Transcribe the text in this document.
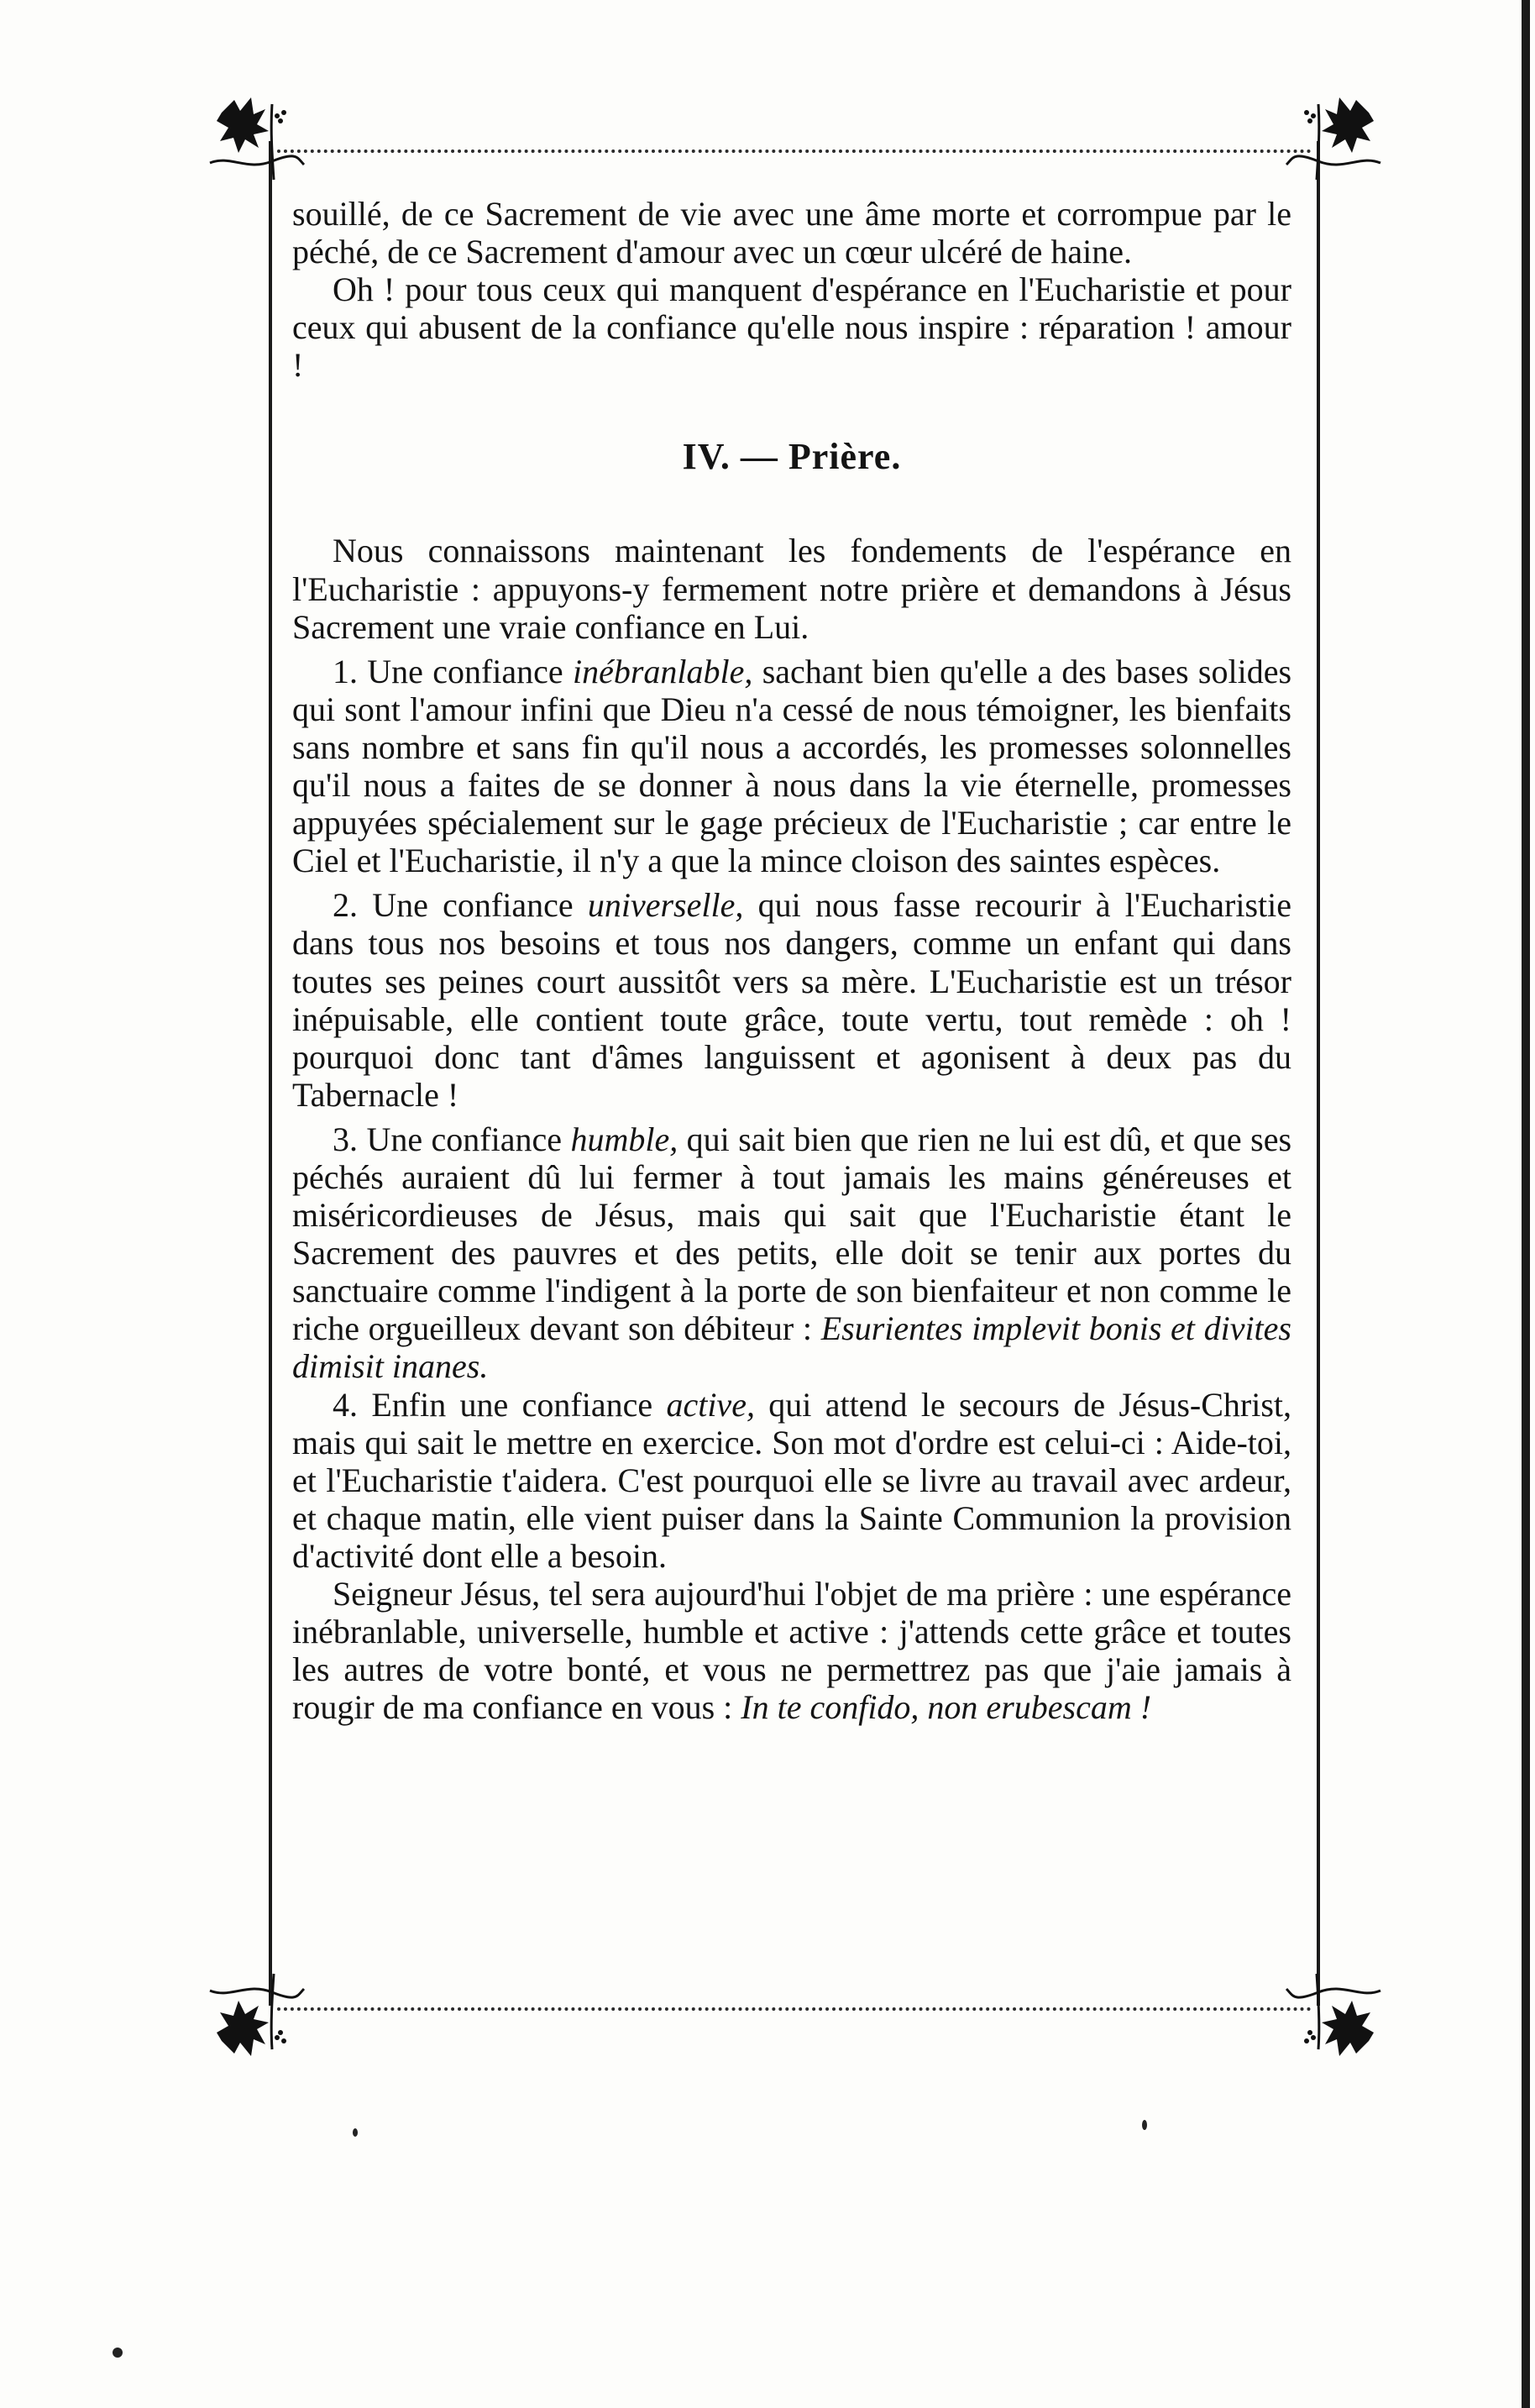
souillé, de ce Sacrement de vie avec une âme morte et corrompue par le péché, de ce Sacrement d'amour avec un cœur ulcéré de haine.

Oh ! pour tous ceux qui manquent d'espérance en l'Eucharistie et pour ceux qui abusent de la confiance qu'elle nous inspire : réparation ! amour !

IV. — Prière.

Nous connaissons maintenant les fondements de l'espérance en l'Eucharistie : appuyons-y fermement notre prière et demandons à Jésus Sacrement une vraie confiance en Lui.

1. Une confiance inébranlable, sachant bien qu'elle a des bases solides qui sont l'amour infini que Dieu n'a cessé de nous témoigner, les bienfaits sans nombre et sans fin qu'il nous a accordés, les promesses solonnelles qu'il nous a faites de se donner à nous dans la vie éternelle, promesses appuyées spécialement sur le gage précieux de l'Eucharistie ; car entre le Ciel et l'Eucharistie, il n'y a que la mince cloison des saintes espèces.

2. Une confiance universelle, qui nous fasse recourir à l'Eucharistie dans tous nos besoins et tous nos dangers, comme un enfant qui dans toutes ses peines court aussitôt vers sa mère. L'Eucharistie est un trésor inépuisable, elle contient toute grâce, toute vertu, tout remède : oh ! pourquoi donc tant d'âmes languissent et agonisent à deux pas du Tabernacle !

3. Une confiance humble, qui sait bien que rien ne lui est dû, et que ses péchés auraient dû lui fermer à tout jamais les mains généreuses et miséricordieuses de Jésus, mais qui sait que l'Eucharistie étant le Sacrement des pauvres et des petits, elle doit se tenir aux portes du sanctuaire comme l'indigent à la porte de son bienfaiteur et non comme le riche orgueilleux devant son débiteur : Esurientes implevit bonis et divites dimisit inanes.

4. Enfin une confiance active, qui attend le secours de Jésus-Christ, mais qui sait le mettre en exercice. Son mot d'ordre est celui-ci : Aide-toi, et l'Eucharistie t'aidera. C'est pourquoi elle se livre au travail avec ardeur, et chaque matin, elle vient puiser dans la Sainte Communion la provision d'activité dont elle a besoin.

Seigneur Jésus, tel sera aujourd'hui l'objet de ma prière : une espérance inébranlable, universelle, humble et active : j'attends cette grâce et toutes les autres de votre bonté, et vous ne permettrez pas que j'aie jamais à rougir de ma confiance en vous : In te confido, non erubescam !
